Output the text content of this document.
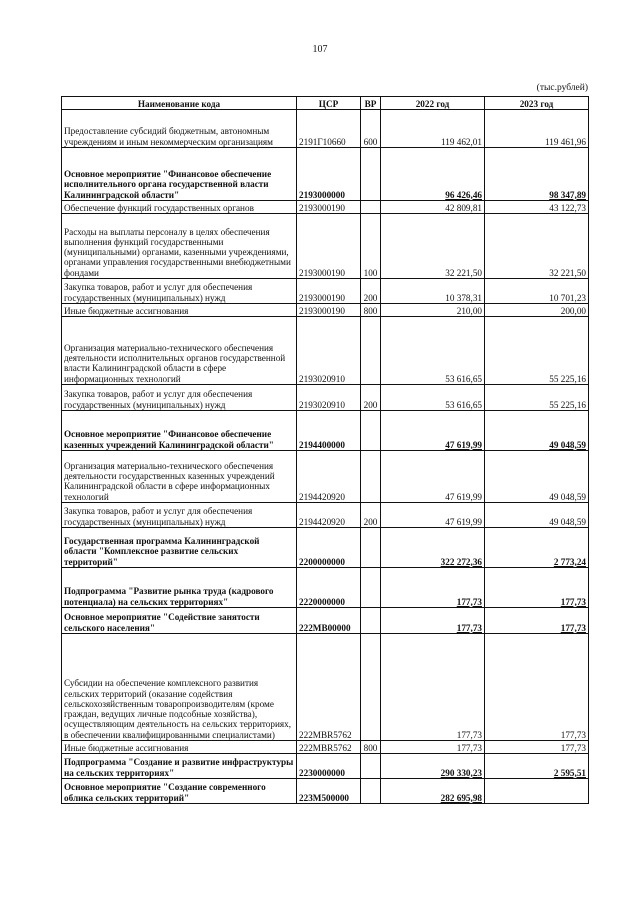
107
(тыс.рублей)
Наименование кода	ЦСР	ВР	2022 год	2023 год
Предоставление субсидий бюджетным, автономным учреждениям и иным некоммерческим организациям	2191Г10660	600	119 462,01	119 461,96
Основное мероприятие "Финансовое обеспечение исполнительного органа государственной власти Калининградской области"	2193000000		96 426,46	98 347,89
Обеспечение функций государственных органов	2193000190		42 809,81	43 122,73
Расходы на выплаты персоналу в целях обеспечения выполнения функций государственными (муниципальными) органами, казенными учреждениями, органами управления государственными внебюджетными фондами	2193000190	100	32 221,50	32 221,50
Закупка товаров, работ и услуг для обеспечения государственных (муниципальных) нужд	2193000190	200	10 378,31	10 701,23
Иные бюджетные ассигнования	2193000190	800	210,00	200,00
Организация материально-технического обеспечения деятельности исполнительных органов государственной власти Калининградской области в сфере информационных технологий	2193020910		53 616,65	55 225,16
Закупка товаров, работ и услуг для обеспечения государственных (муниципальных) нужд	2193020910	200	53 616,65	55 225,16
Основное мероприятие "Финансовое обеспечение казенных учреждений Калининградской области"	2194400000		47 619,99	49 048,59
Организация материально-технического обеспечения деятельности государственных казенных учреждений Калининградской области в сфере информационных технологий	2194420920		47 619,99	49 048,59
Закупка товаров, работ и услуг для обеспечения государственных (муниципальных) нужд	2194420920	200	47 619,99	49 048,59
Государственная программа Калининградской области "Комплексное развитие сельских территорий"	2200000000		322 272,36	2 773,24
Подпрограмма "Развитие рынка труда (кадрового потенциала) на сельских территориях"	2220000000		177,73	177,73
Основное мероприятие "Содействие занятости сельского населения"	222МВ00000		177,73	177,73
Субсидии на обеспечение комплексного развития сельских территорий (оказание содействия сельскохозяйственным товаропроизводителям (кроме граждан, ведущих личные подсобные хозяйства), осуществляющим деятельность на сельских территориях, в обеспечении квалифицированными специалистами)	222МВR5762		177,73	177,73
Иные бюджетные ассигнования	222МВR5762	800	177,73	177,73
Подпрограмма "Создание и развитие инфраструктуры на сельских территориях"	2230000000		290 330,23	2 595,51
Основное мероприятие "Создание современного облика сельских территорий"	223М500000		282 695,98	
